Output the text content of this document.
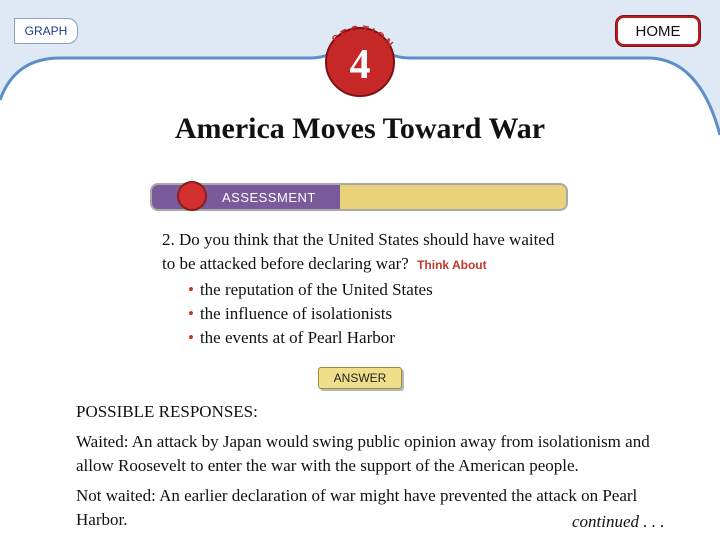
GRAPH	HOME
SECTION
4
America Moves Toward War
ASSESSMENT
2. Do you think that the United States should have waited
to be attacked before declaring war? Think About
• the reputation of the United States
• the influence of isolationists
• the events at of Pearl Harbor
ANSWER

POSSIBLE RESPONSES:

Waited: An attack by Japan would swing public opinion away from isolationism and allow Roosevelt to enter the war with the support of the American people.

Not waited: An earlier declaration of war might have prevented the attack on Pearl Harbor.	continued . . .
